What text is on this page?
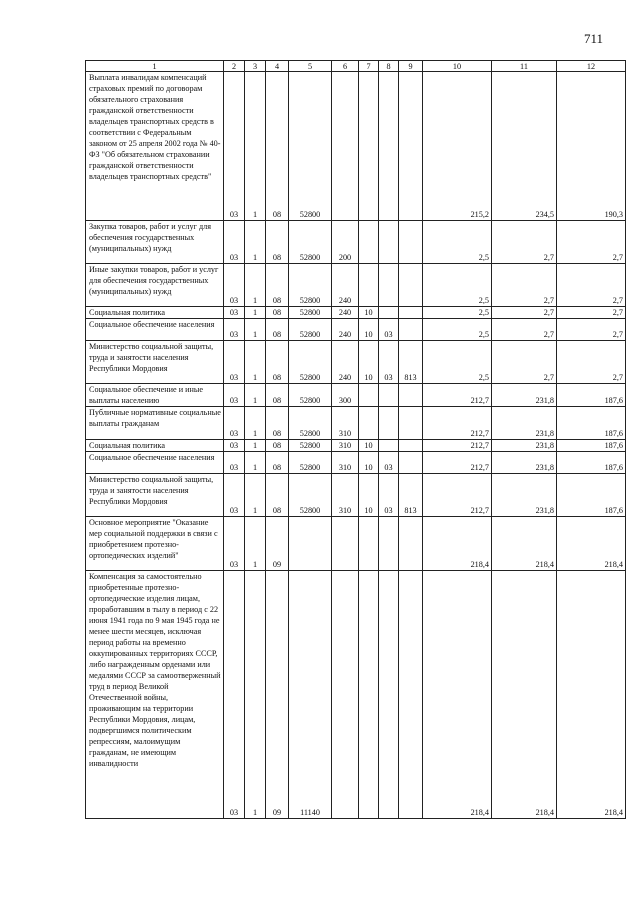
711
1	2	3	4	5	6	7	8	9	10	11	12
Выплата инвалидам компенсаций страховых премий по договорам обязательного страхования гражданской ответственности владельцев транспортных средств в соответствии с Федеральным законом от 25 апреля 2002 года № 40-ФЗ "Об обязательном страховании гражданской ответственности владельцев транспортных средств"	03	1	08	52800					215,2	234,5	190,3
Закупка товаров, работ и услуг для обеспечения государственных (муниципальных) нужд	03	1	08	52800	200				2,5	2,7	2,7
Иные закупки товаров, работ и услуг для обеспечения государственных (муниципальных) нужд	03	1	08	52800	240				2,5	2,7	2,7
Социальная политика	03	1	08	52800	240	10			2,5	2,7	2,7
Социальное обеспечение населения	03	1	08	52800	240	10	03		2,5	2,7	2,7
Министерство социальной защиты, труда и занятости населения Республики Мордовия	03	1	08	52800	240	10	03	813	2,5	2,7	2,7
Социальное обеспечение и иные выплаты населению	03	1	08	52800	300				212,7	231,8	187,6
Публичные нормативные социальные выплаты гражданам	03	1	08	52800	310				212,7	231,8	187,6
Социальная политика	03	1	08	52800	310	10			212,7	231,8	187,6
Социальное обеспечение населения	03	1	08	52800	310	10	03		212,7	231,8	187,6
Министерство социальной защиты, труда и занятости населения Республики Мордовия	03	1	08	52800	310	10	03	813	212,7	231,8	187,6
Основное мероприятие "Оказание мер социальной поддержки в связи с приобретением протезно-ортопедических изделий"	03	1	09						218,4	218,4	218,4
Компенсация за самостоятельно приобретенные протезно-ортопедические изделия лицам, проработавшим в тылу в период с 22 июня 1941 года по 9 мая 1945 года не менее шести месяцев, исключая период работы на временно оккупированных территориях СССР, либо награжденным орденами или медалями СССР за самоотверженный труд в период Великой Отечественной войны, проживающим на территории Республики Мордовия, лицам, подвергшимся политическим репрессиям, малоимущим гражданам, не имеющим инвалидности	03	1	09	11140					218,4	218,4	218,4
